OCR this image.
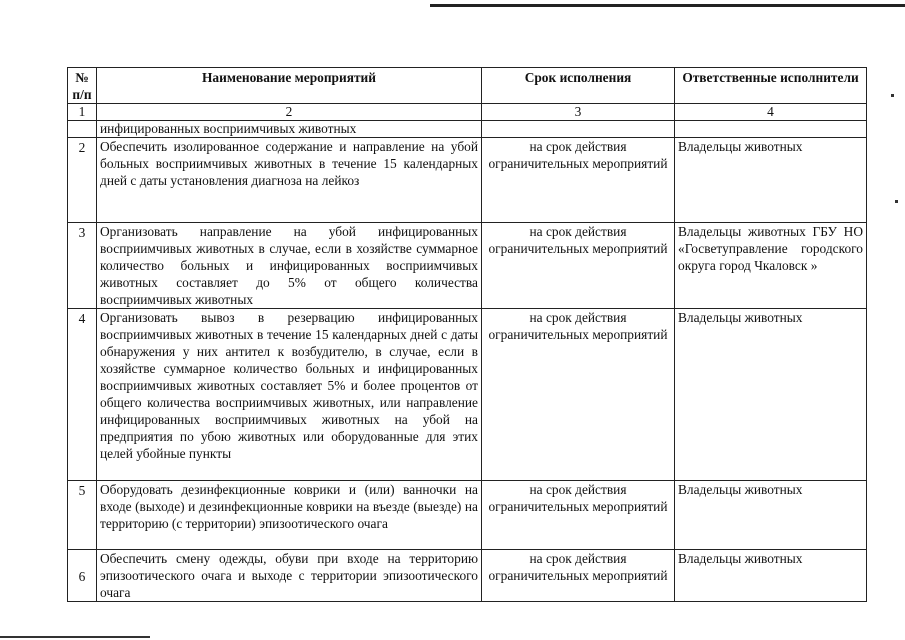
№ п/п	Наименование мероприятий	Срок исполнения	Ответственные исполнители
1	2	3	4
	инфицированных восприимчивых животных		
2	Обеспечить изолированное содержание и направление на убой больных восприимчивых животных в течение 15 календарных дней с даты установления диагноза на лейкоз	на срок действия ограничительных мероприятий	Владельцы животных
3	Организовать направление на убой инфицированных восприимчивых животных в случае, если в хозяйстве суммарное количество больных и инфицированных восприимчивых животных составляет до 5% от общего количества восприимчивых животных	на срок действия ограничительных мероприятий	Владельцы животных ГБУ НО «Госветуправление городского округа город Чкаловск »
4	Организовать вывоз в резервацию инфицированных восприимчивых животных в течение 15 календарных дней с даты обнаружения у них антител к возбудителю, в случае, если в хозяйстве суммарное количество больных и инфицированных восприимчивых животных составляет 5% и более процентов от общего количества восприимчивых животных, или направление инфицированных восприимчивых животных на убой на предприятия по убою животных или оборудованные для этих целей убойные пункты	на срок действия ограничительных мероприятий	Владельцы животных
5	Оборудовать дезинфекционные коврики и (или) ванночки на входе (выходе) и дезинфекционные коврики на въезде (выезде) на территорию (с территории) эпизоотического очага	на срок действия ограничительных мероприятий	Владельцы животных
6	Обеспечить смену одежды, обуви при входе на территорию эпизоотического очага и выходе с территории эпизоотического очага	на срок действия ограничительных мероприятий	Владельцы животных
